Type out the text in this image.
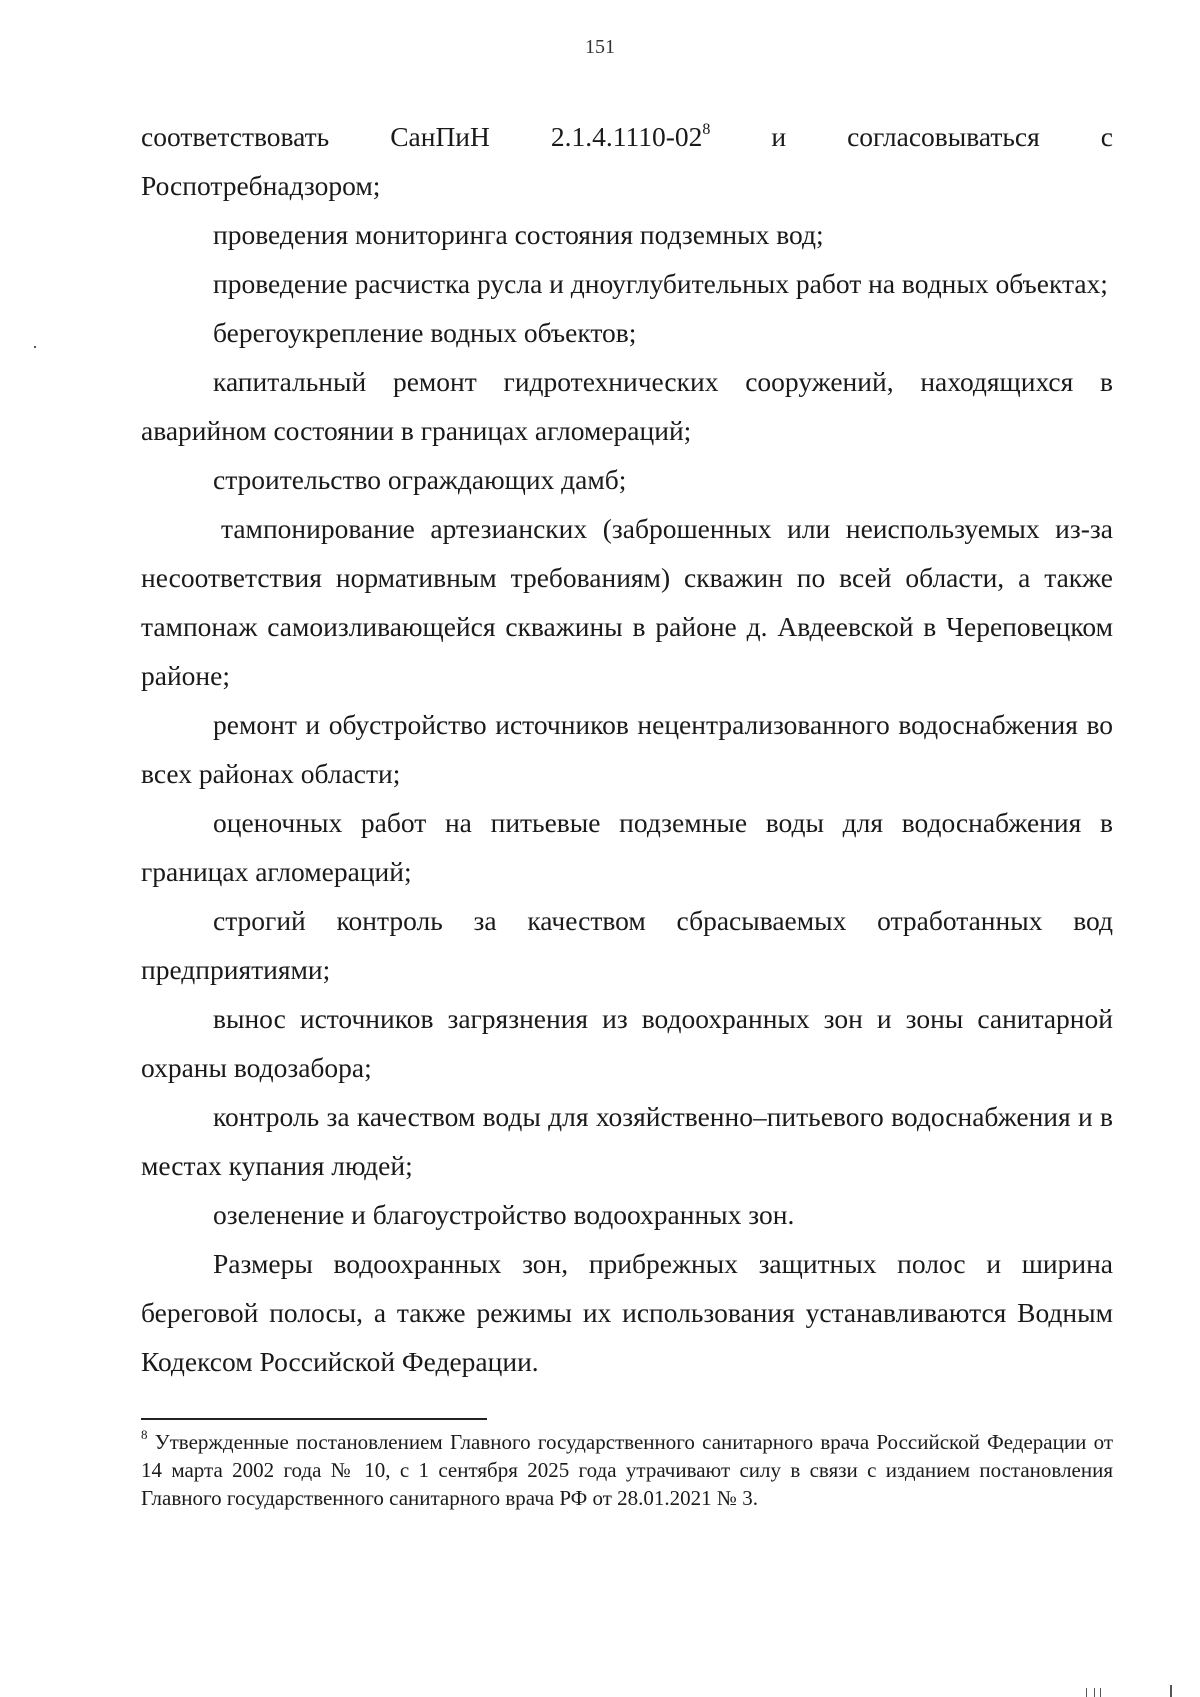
151
соответствовать СанПиН $2.1.4.1110-02^8$ и согласовываться с

Роспотребнадзором;

проведения мониторинга состояния подземных вод;

проведение расчистка русла и дноуглубительных работ на водных объектах;

берегоукрепление водных объектов;

капитальный ремонт гидротехнических сооружений, находящихся в аварийном состоянии в границах агломераций;

строительство ограждающих дамб;

тампонирование артезианских (заброшенных или неиспользуемых из-за несоответствия нормативным требованиям) скважин по всей области, а также тампонаж самоизливающейся скважины в районе д. Авдеевской в Череповецком районе;

ремонт и обустройство источников нецентрализованного водоснабжения во всех районах области;

оценочных работ на питьевые подземные воды для водоснабжения в границах агломераций;

строгий контроль за качеством сбрасываемых отработанных вод предприятиями;

вынос источников загрязнения из водоохранных зон и зоны санитарной охраны водозабора;

контроль за качеством воды для хозяйственно–питьевого водоснабжения и в местах купания людей;

озеленение и благоустройство водоохранных зон.

Размеры водоохранных зон, прибрежных защитных полос и ширина береговой полосы, а также режимы их использования устанавливаются Водным Кодексом Российской Федерации.

$^8$ Утвержденные постановлением Главного государственного санитарного врача Российской Федерации от 14 марта 2002 года № 10, с 1 сентября 2025 года утрачивают силу в связи с изданием постановления Главного государственного санитарного врача РФ от 28.01.2021 № 3.
